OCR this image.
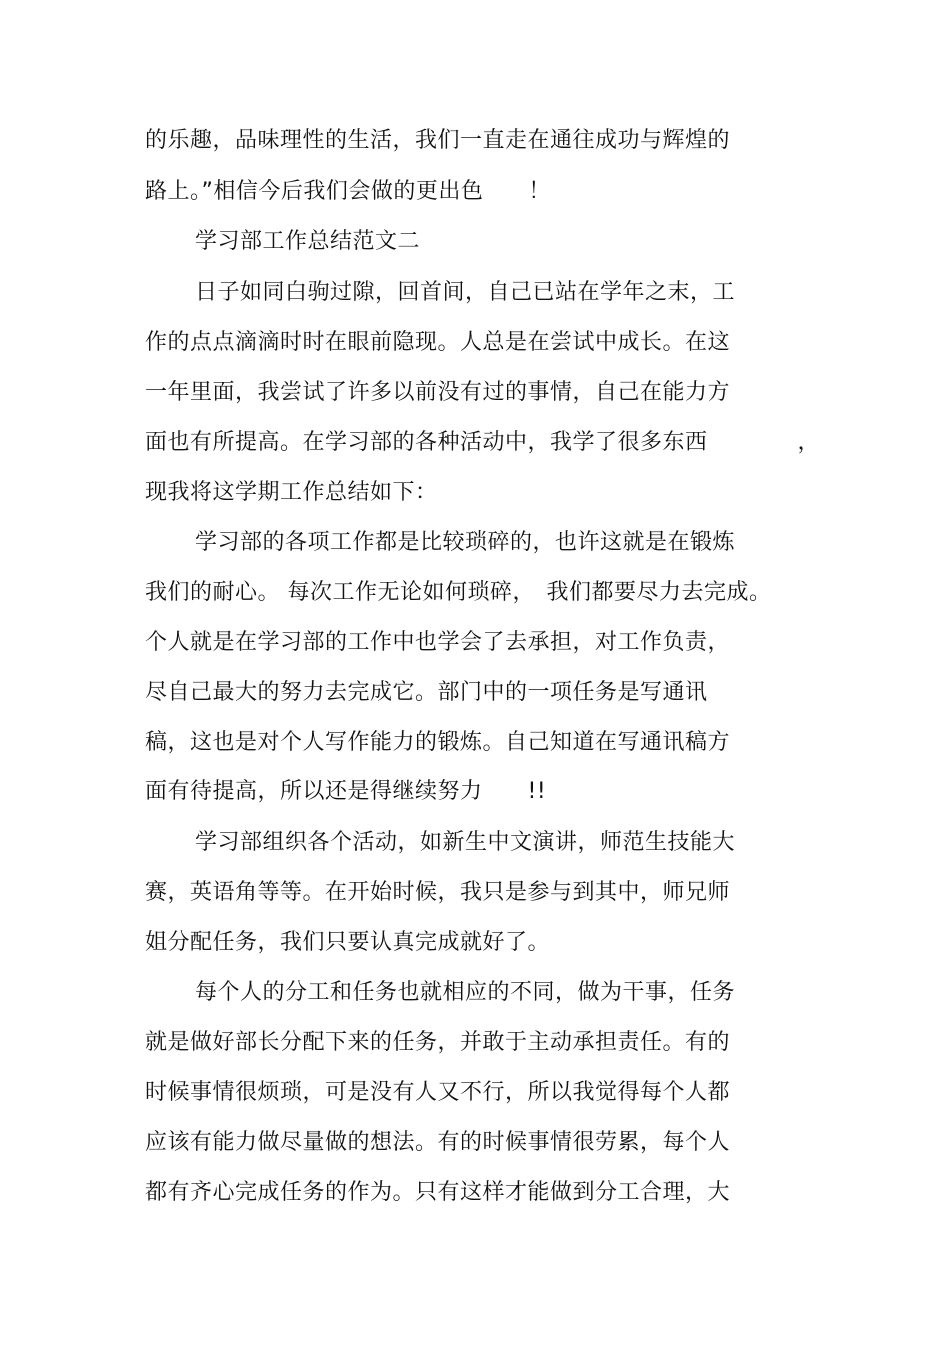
的乐趣，品味理性的生活，我们一直走在通往成功与辉煌的
路上。”相信今后我们会做的更出色　　！
学习部工作总结范文二
日子如同白驹过隙，回首间，自己已站在学年之末，工
作的点点滴滴时时在眼前隐现。人总是在尝试中成长。在这
一年里面，我尝试了许多以前没有过的事情，自己在能力方
面也有所提高。在学习部的各种活动中，我学了很多东西　　　　，
现我将这学期工作总结如下：
学习部的各项工作都是比较琐碎的，也许这就是在锻炼
我们的耐心。 每次工作无论如何琐碎，　我们都要尽力去完成。
个人就是在学习部的工作中也学会了去承担，对工作负责，
尽自己最大的努力去完成它。部门中的一项任务是写通讯
稿，这也是对个人写作能力的锻炼。自己知道在写通讯稿方
面有待提高，所以还是得继续努力　　!!
学习部组织各个活动，如新生中文演讲，师范生技能大
赛，英语角等等。在开始时候，我只是参与到其中，师兄师
姐分配任务，我们只要认真完成就好了。
每个人的分工和任务也就相应的不同，做为干事，任务
就是做好部长分配下来的任务，并敢于主动承担责任。有的
时候事情很烦琐，可是没有人又不行，所以我觉得每个人都
应该有能力做尽量做的想法。有的时候事情很劳累，每个人
都有齐心完成任务的作为。只有这样才能做到分工合理，大
